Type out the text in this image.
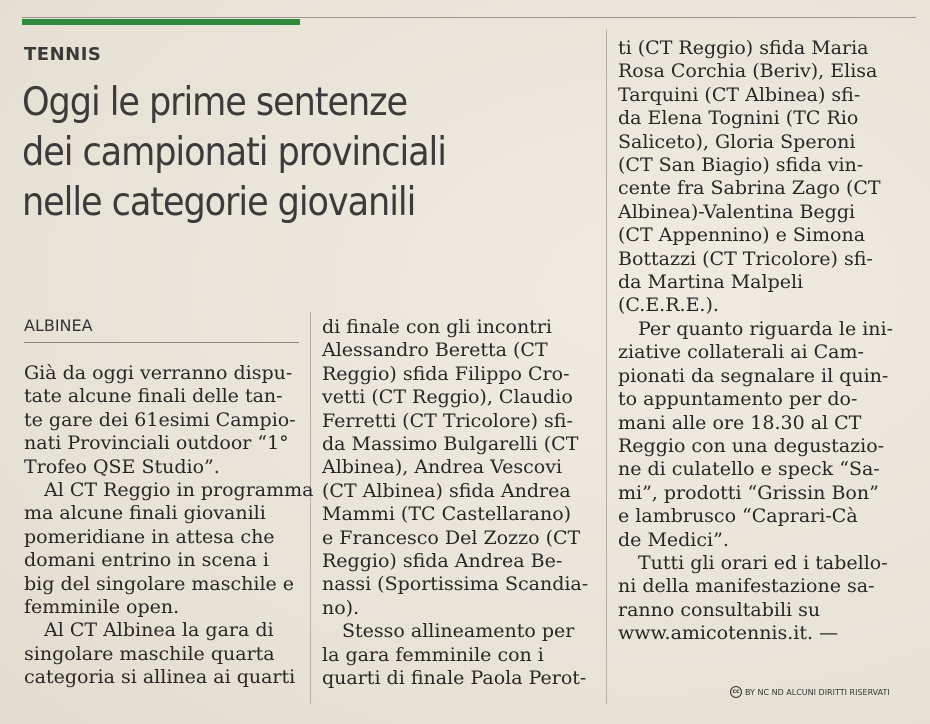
TENNIS
Oggi le prime sentenze
dei campionati provinciali
nelle categorie giovanili
ALBINEA

Già da oggi verranno dispu-

tate alcune finali delle tan-

te gare dei 61esimi Campio-

nati Provinciali outdoor “1°

Trofeo QSE Studio”.

Al CT Reggio in programma

ma alcune finali giovanili

pomeridiane in attesa che

domani entrino in scena i

big del singolare maschile e

femminile open.

Al CT Albinea la gara di

singolare maschile quarta

categoria si allinea ai quarti

di finale con gli incontri

Alessandro Beretta (CT

Reggio) sfida Filippo Cro-

vetti (CT Reggio), Claudio

Ferretti (CT Tricolore) sfi-

da Massimo Bulgarelli (CT

Albinea), Andrea Vescovi

(CT Albinea) sfida Andrea

Mammi (TC Castellarano)

e Francesco Del Zozzo (CT

Reggio) sfida Andrea Be-

nassi (Sportissima Scandia-

no).

Stesso allineamento per

la gara femminile con i

quarti di finale Paola Perot-

ti (CT Reggio) sfida Maria

Rosa Corchia (Beriv), Elisa

Tarquini (CT Albinea) sfi-

da Elena Tognini (TC Rio

Saliceto), Gloria Speroni

(CT San Biagio) sfida vin-

cente fra Sabrina Zago (CT

Albinea)-Valentina Beggi

(CT Appennino) e Simona

Bottazzi (CT Tricolore) sfi-

da Martina Malpeli

(C.E.R.E.).

Per quanto riguarda le ini-

ziative collaterali ai Cam-

pionati da segnalare il quin-

to appuntamento per do-

mani alle ore 18.30 al CT

Reggio con una degustazio-

ne di culatello e speck “Sa-

mi”, prodotti “Grissin Bon”

e lambrusco “Caprari-Cà

de Medici”.

Tutti gli orari ed i tabello-

ni della manifestazione sa-

ranno consultabili su

www.amicotennis.it. —

cc BY NC ND ALCUNI DIRITTI RISERVATI
